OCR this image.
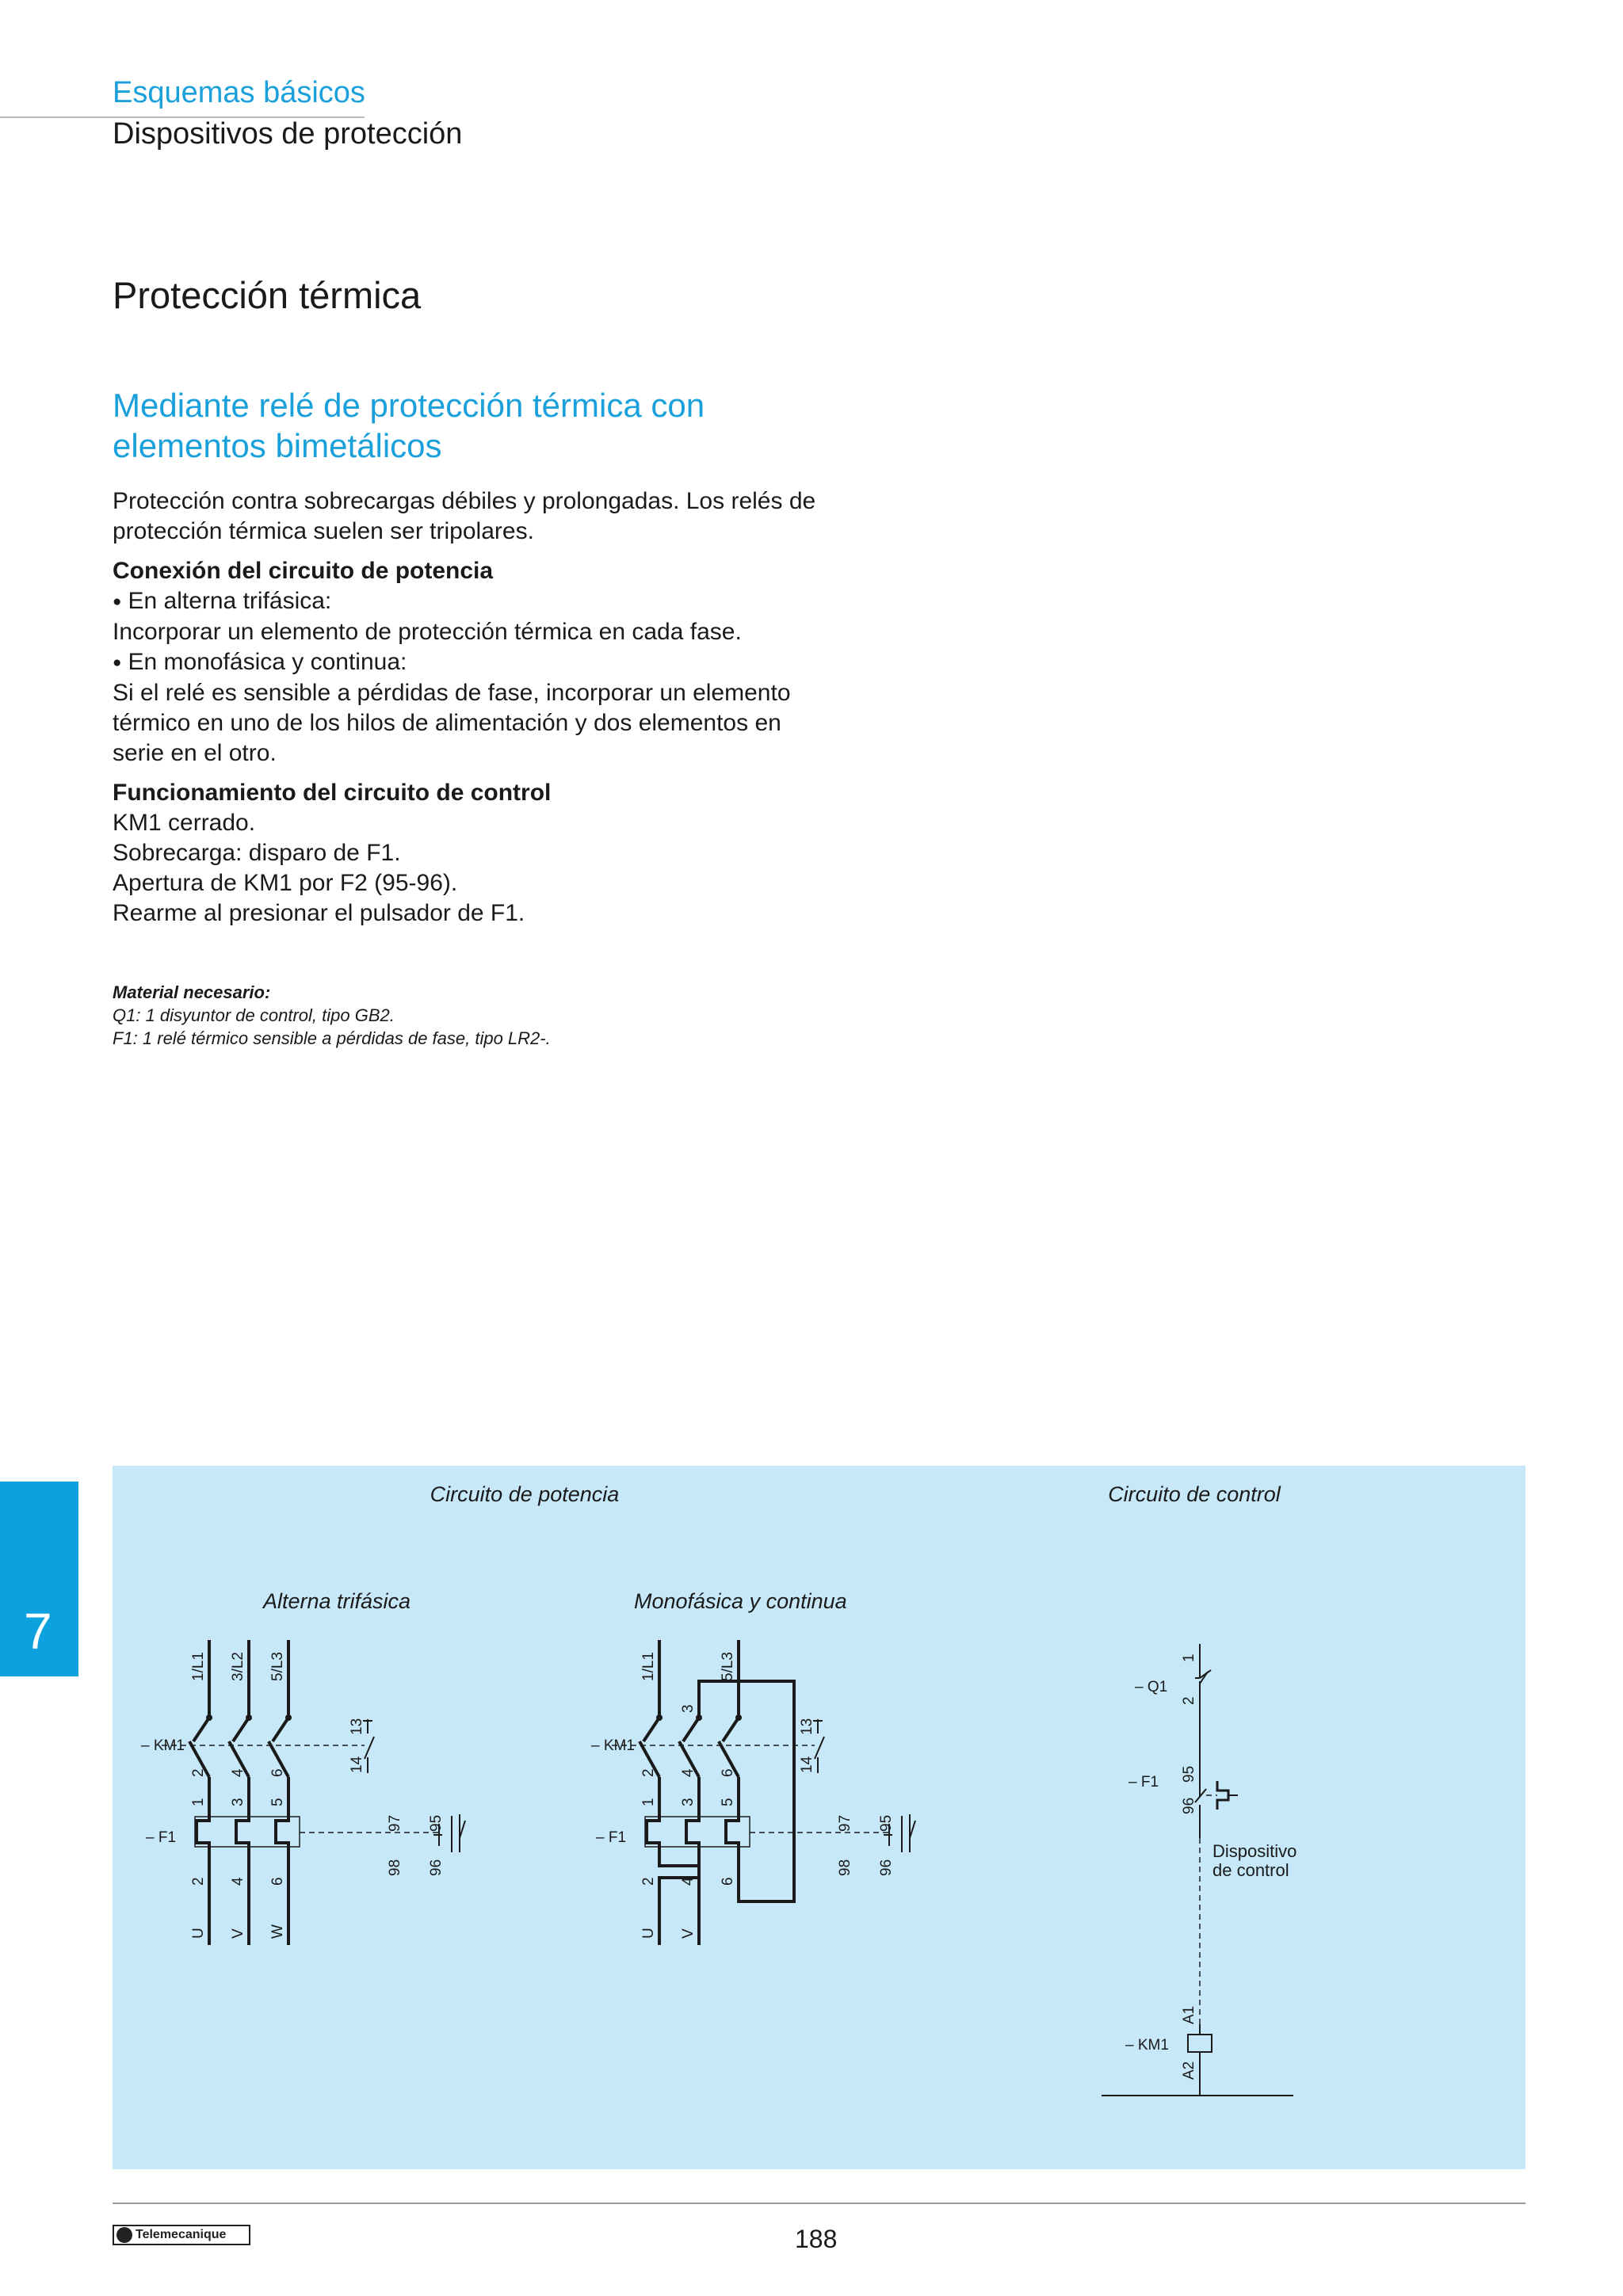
Esquemas básicos
Dispositivos de protección
Protección térmica
Mediante relé de protección térmica con elementos bimetálicos

Protección contra sobrecargas débiles y prolongadas. Los relés de protección térmica suelen ser tripolares.

Conexión del circuito de potencia

● En alterna trifásica:

Incorporar un elemento de protección térmica en cada fase.

● En monofásica y continua:

Si el relé es sensible a pérdidas de fase, incorporar un elemento térmico en uno de los hilos de alimentación y dos elementos en serie en el otro.

Funcionamiento del circuito de control

KM1 cerrado.

Sobrecarga: disparo de F1.

Apertura de KM1 por F2 (95-96).

Rearme al presionar el pulsador de F1.

Material necesario:
Q1: 1 disyuntor de control, tipo GB2.
F1: 1 relé térmico sensible a pérdidas de fase, tipo LR2-.
7
Circuito de potencia	Circuito de control
Alterna trifásica	Monofásica y continua
1/L1 3/L2 5/L3
– KM1
– F1
2 4 6
1 3 5
2 4 6
U V W
13
14
97
98
95
96
1/L1	5/L3
3
– KM1
– F1
2 4 6
1 3 5
2 4 6
U V
13
14
97
98
95
96
– Q1
1
2
– F1 95
96
Dispositivo
de control
– KM1
A1
A2
Telemecanique	188
